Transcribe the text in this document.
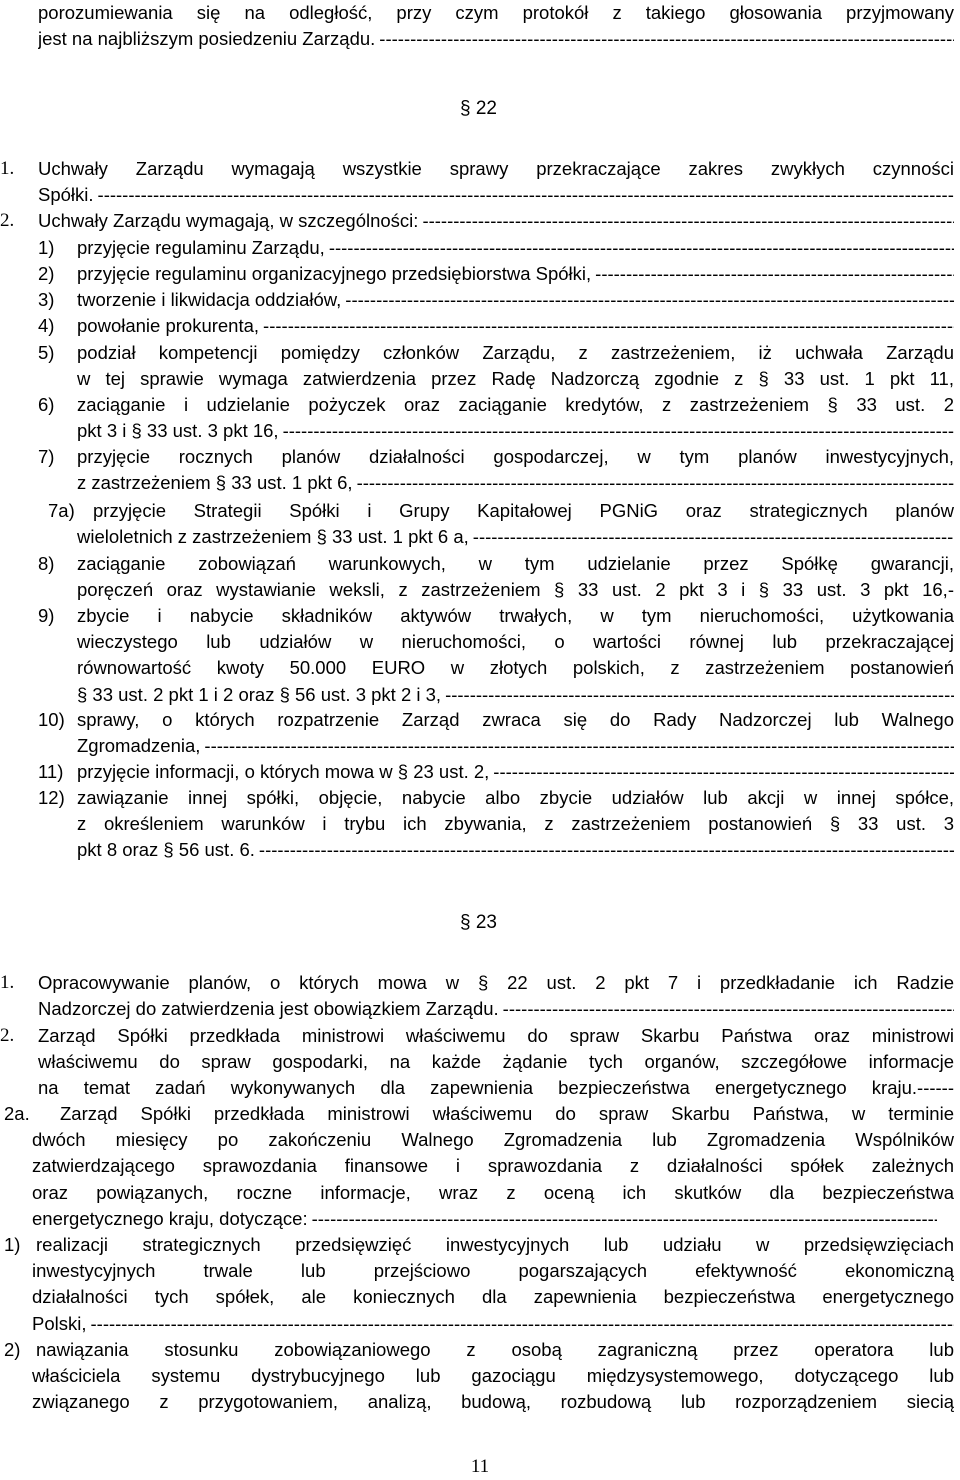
porozumiewania się na odległość, przy czym protokół z takiego głosowania przyjmowany
jest na najbliższym posiedzeniu Zarządu. -----
§ 22
1. Uchwały Zarządu wymagają wszystkie sprawy przekraczające zakres zwykłych czynności
Spółki. -----
2. Uchwały Zarządu wymagają, w szczególności: -----
1) przyjęcie regulaminu Zarządu, -----
2) przyjęcie regulaminu organizacyjnego przedsiębiorstwa Spółki, -----
3) tworzenie i likwidacja oddziałów, -----
4) powołanie prokurenta, -----
5) podział kompetencji pomiędzy członków Zarządu, z zastrzeżeniem, iż uchwała Zarządu
w tej sprawie wymaga zatwierdzenia przez Radę Nadzorczą zgodnie z § 33 ust. 1 pkt 11,
6) zaciąganie i udzielanie pożyczek oraz zaciąganie kredytów, z zastrzeżeniem § 33 ust. 2
pkt 3 i § 33 ust. 3 pkt 16, -----
7) przyjęcie rocznych planów działalności gospodarczej, w tym planów inwestycyjnych,
z zastrzeżeniem § 33 ust. 1 pkt 6, -----
7a) przyjęcie Strategii Spółki i Grupy Kapitałowej PGNiG oraz strategicznych planów
wieloletnich z zastrzeżeniem § 33 ust. 1 pkt 6 a, -----
8) zaciąganie zobowiązań warunkowych, w tym udzielanie przez Spółkę gwarancji,
poręczeń oraz wystawianie weksli, z zastrzeżeniem § 33 ust. 2 pkt 3 i § 33 ust. 3 pkt 16,-
9) zbycie i nabycie składników aktywów trwałych, w tym nieruchomości, użytkowania
wieczystego lub udziałów w nieruchomości, o wartości równej lub przekraczającej
równowartość kwoty 50.000 EURO w złotych polskich, z zastrzeżeniem postanowień
§ 33 ust. 2 pkt 1 i 2 oraz § 56 ust. 3 pkt 2 i 3, -----
10) sprawy, o których rozpatrzenie Zarząd zwraca się do Rady Nadzorczej lub Walnego
Zgromadzenia, -----
11) przyjęcie informacji, o których mowa w § 23 ust. 2, -----
12) zawiązanie innej spółki, objęcie, nabycie albo zbycie udziałów lub akcji w innej spółce,
z określeniem warunków i trybu ich zbywania, z zastrzeżeniem postanowień § 33 ust. 3
pkt 8 oraz § 56 ust. 6. -----
§ 23
1. Opracowywanie planów, o których mowa w § 22 ust. 2 pkt 7 i przedkładanie ich Radzie
Nadzorczej do zatwierdzenia jest obowiązkiem Zarządu. -----
2. Zarząd Spółki przedkłada ministrowi właściwemu do spraw Skarbu Państwa oraz ministrowi
właściwemu do spraw gospodarki, na każde żądanie tych organów, szczegółowe informacje
na temat zadań wykonywanych dla zapewnienia bezpieczeństwa energetycznego kraju.------
2a. Zarząd Spółki przedkłada ministrowi właściwemu do spraw Skarbu Państwa, w terminie
dwóch miesięcy po zakończeniu Walnego Zgromadzenia lub Zgromadzenia Wspólników
zatwierdzającego sprawozdania finansowe i sprawozdania z działalności spółek zależnych
oraz powiązanych, roczne informacje, wraz z oceną ich skutków dla bezpieczeństwa
energetycznego kraju, dotyczące: -----
1) realizacji strategicznych przedsięwzięć inwestycyjnych lub udziału w przedsięwzięciach
inwestycyjnych trwale lub przejściowo pogarszających efektywność ekonomiczną
działalności tych spółek, ale koniecznych dla zapewnienia bezpieczeństwa energetycznego
Polski, -----
2) nawiązania stosunku zobowiązaniowego z osobą zagraniczną przez operatora lub
właściciela systemu dystrybucyjnego lub gazociągu międzysystemowego, dotyczącego lub
związanego z przygotowaniem, analizą, budową, rozbudową lub rozporządzeniem siecią
11
